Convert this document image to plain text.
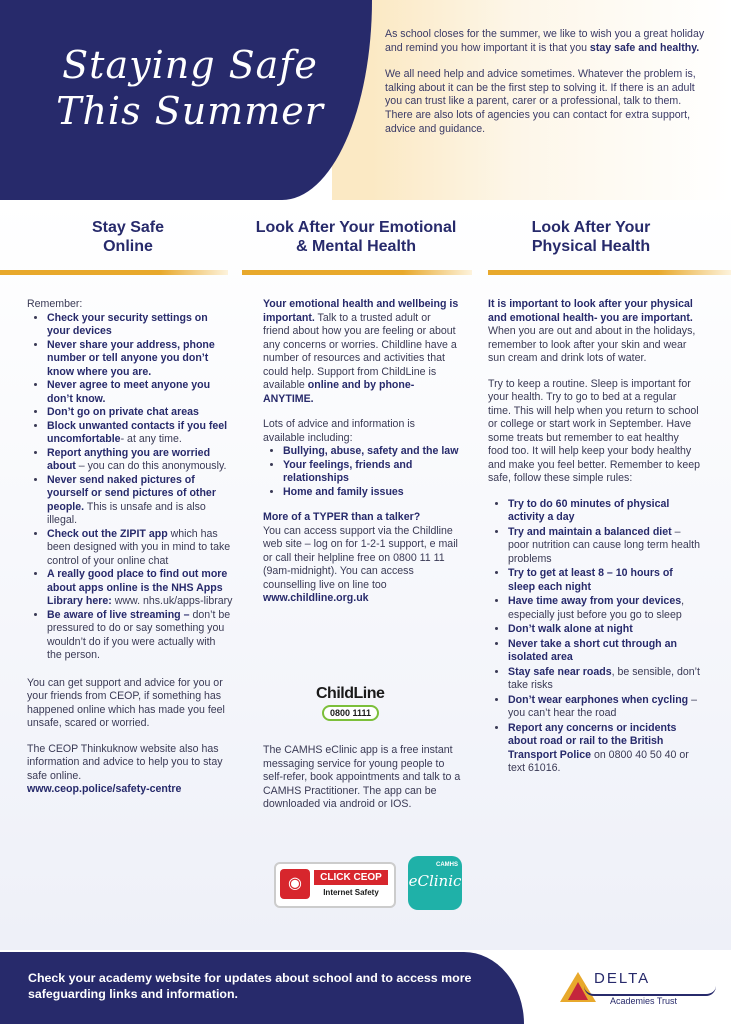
Staying Safe
This Summer

As school closes for the summer, we like to wish you a great holiday and remind you how important it is that you stay safe and healthy.

We all need help and advice sometimes. Whatever the problem is, talking about it can be the first step to solving it. If there is an adult you can trust like a parent, carer or a professional, talk to them. There are also lots of agencies you can contact for extra support, advice and guidance.

Stay Safe
Online
Remember:
• Check your security settings on your devices
• Never share your address, phone number or tell anyone you don’t know where you are.
• Never agree to meet anyone you don’t know.
• Don’t go on private chat areas
• Block unwanted contacts if you feel uncomfortable- at any time.
• Report anything you are worried about – you can do this anonymously.
• Never send naked pictures of yourself or send pictures of other people. This is unsafe and is also illegal.
• Check out the ZIPIT app which has been designed with you in mind to take control of your online chat
• A really good place to find out more about apps online is the NHS Apps Library here: www. nhs.uk/apps-library
• Be aware of live streaming – don’t be pressured to do or say something you wouldn’t do if you were actually with the person.

You can get support and advice for you or your friends from CEOP, if something has happened online which has made you feel unsafe, scared or worried.

The CEOP Thinkuknow website also has information and advice to help you to stay safe online.

www.ceop.police/safety-centre
Look After Your Emotional
& Mental Health

Your emotional health and wellbeing is important. Talk to a trusted adult or friend about how you are feeling or about any concerns or worries. Childline have a number of resources and activities that could help. Support from ChildLine is available online and by phone- ANYTIME.

Lots of advice and information is available including:
• Bullying, abuse, safety and the law
• Your feelings, friends and relationships
• Home and family issues
More of a TYPER than a talker?
You can access support via the Childline web site – log on for 1-2-1 support, e mail or call their helpline free on 0800 11 11 (9am-midnight). You can access counselling live on line too
www.childline.org.uk
ChildLine
0800 1111

The CAMHS eClinic app is a free instant messaging service for young people to self-refer, book appointments and talk to a CAMHS Practitioner. The app can be downloaded via android or IOS.

◉	CLICK CEOP
Internet Safety
CAMHS
eClinic
Look After Your
Physical Health

It is important to look after your physical and emotional health- you are important. When you are out and about in the holidays, remember to look after your skin and wear sun cream and drink lots of water.

Try to keep a routine. Sleep is important for your health. Try to go to bed at a regular time. This will help when you return to school or college or start work in September. Have some treats but remember to eat healthy food too. It will help keep your body healthy and make you feel better. Remember to keep safe, follow these simple rules:

• Try to do 60 minutes of physical activity a day
• Try and maintain a balanced diet – poor nutrition can cause long term health problems
• Try to get at least 8 – 10 hours of sleep each night
• Have time away from your devices, especially just before you go to sleep
• Don’t walk alone at night
• Never take a short cut through an isolated area
• Stay safe near roads, be sensible, don’t take risks
• Don’t wear earphones when cycling – you can’t hear the road
• Report any concerns or incidents about road or rail to the British Transport Police on 0800 40 50 40 or text 61016.
Check your academy website for updates about school and to access more safeguarding links and information.
DELTA
Academies Trust
